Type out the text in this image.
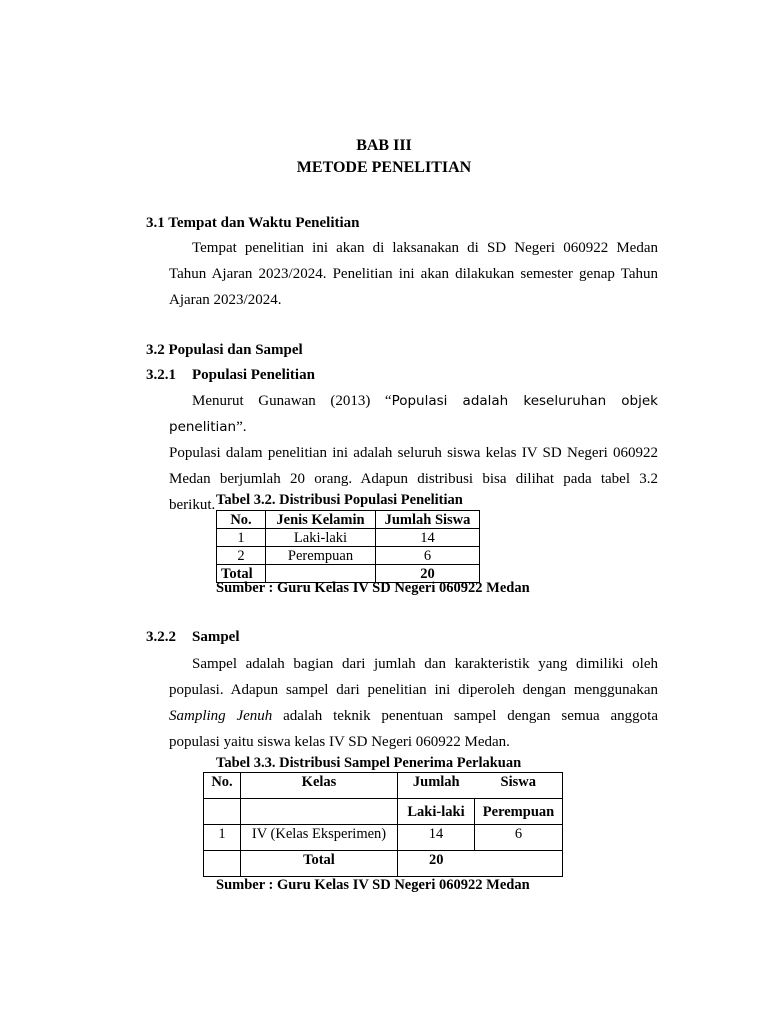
BAB III
METODE PENELITIAN
3.1 Tempat dan Waktu Penelitian
Tempat penelitian ini akan di laksanakan di SD Negeri 060922 Medan
Tahun Ajaran 2023/2024. Penelitian ini akan dilakukan semester genap Tahun
Ajaran 2023/2024.
3.2 Populasi dan Sampel
3.2.1 Populasi Penelitian
Menurut Gunawan (2013) “Populasi adalah keseluruhan objek penelitian”.
Populasi dalam penelitian ini adalah seluruh siswa kelas IV SD Negeri 060922
Medan berjumlah 20 orang. Adapun distribusi bisa dilihat pada tabel 3.2
berikut. Tabel 3.2. Distribusi Populasi Penelitian
No.	Jenis Kelamin	Jumlah Siswa
1	Laki-laki	14
2	Perempuan	6
Total		20
Sumber : Guru Kelas IV SD Negeri 060922 Medan
3.2.2 Sampel
Sampel adalah bagian dari jumlah dan karakteristik yang dimiliki oleh
populasi. Adapun sampel dari penelitian ini diperoleh dengan menggunakan
Sampling Jenuh adalah teknik penentuan sampel dengan semua anggota
populasi yaitu siswa kelas IV SD Negeri 060922 Medan.
Tabel 3.3. Distribusi Sampel Penerima Perlakuan
No.	Kelas	Jumlah	Siswa
		Laki-laki	Perempuan
1	IV (Kelas Eksperimen)	14	6
	Total	20	
Sumber : Guru Kelas IV SD Negeri 060922 Medan
